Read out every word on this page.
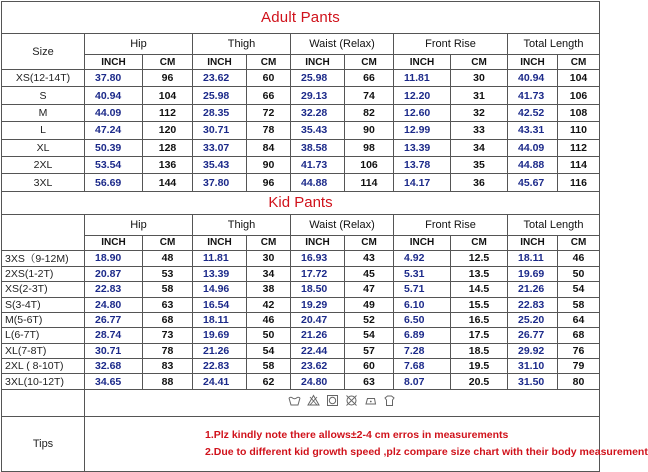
Adult Pants										
Size	Hip		Thigh		Waist (Relax)		Front Rise		Total Length	
	INCH	CM	INCH	CM	INCH	CM	INCH	CM	INCH	CM
XS(12-14T)	37.80	96	23.62	60	25.98	66	11.81	30	40.94	104
S	40.94	104	25.98	66	29.13	74	12.20	31	41.73	106
M	44.09	112	28.35	72	32.28	82	12.60	32	42.52	108
L	47.24	120	30.71	78	35.43	90	12.99	33	43.31	110
XL	50.39	128	33.07	84	38.58	98	13.39	34	44.09	112
2XL	53.54	136	35.43	90	41.73	106	13.78	35	44.88	114
3XL	56.69	144	37.80	96	44.88	114	14.17	36	45.67	116
Kid Pants										
	Hip		Thigh		Waist (Relax)		Front Rise		Total Length	
	INCH	CM	INCH	CM	INCH	CM	INCH	CM	INCH	CM
3XS（9-12M)	18.90	48	11.81	30	16.93	43	4.92	12.5	18.11	46
2XS(1-2T)	20.87	53	13.39	34	17.72	45	5.31	13.5	19.69	50
XS(2-3T)	22.83	58	14.96	38	18.50	47	5.71	14.5	21.26	54
S(3-4T)	24.80	63	16.54	42	19.29	49	6.10	15.5	22.83	58
M(5-6T)	26.77	68	18.11	46	20.47	52	6.50	16.5	25.20	64
L(6-7T)	28.74	73	19.69	50	21.26	54	6.89	17.5	26.77	68
XL(7-8T)	30.71	78	21.26	54	22.44	57	7.28	18.5	29.92	76
2XL ( 8-10T)	32.68	83	22.83	58	23.62	60	7.68	19.5	31.10	79
3XL(10-12T)	34.65	88	24.41	62	24.80	63	8.07	20.5	31.50	80

Tips	1.Plz kindly note there allows±2-4 cm erros in measurements
2.Due to different kid growth speed ,plz compare size chart with their body measurement									
